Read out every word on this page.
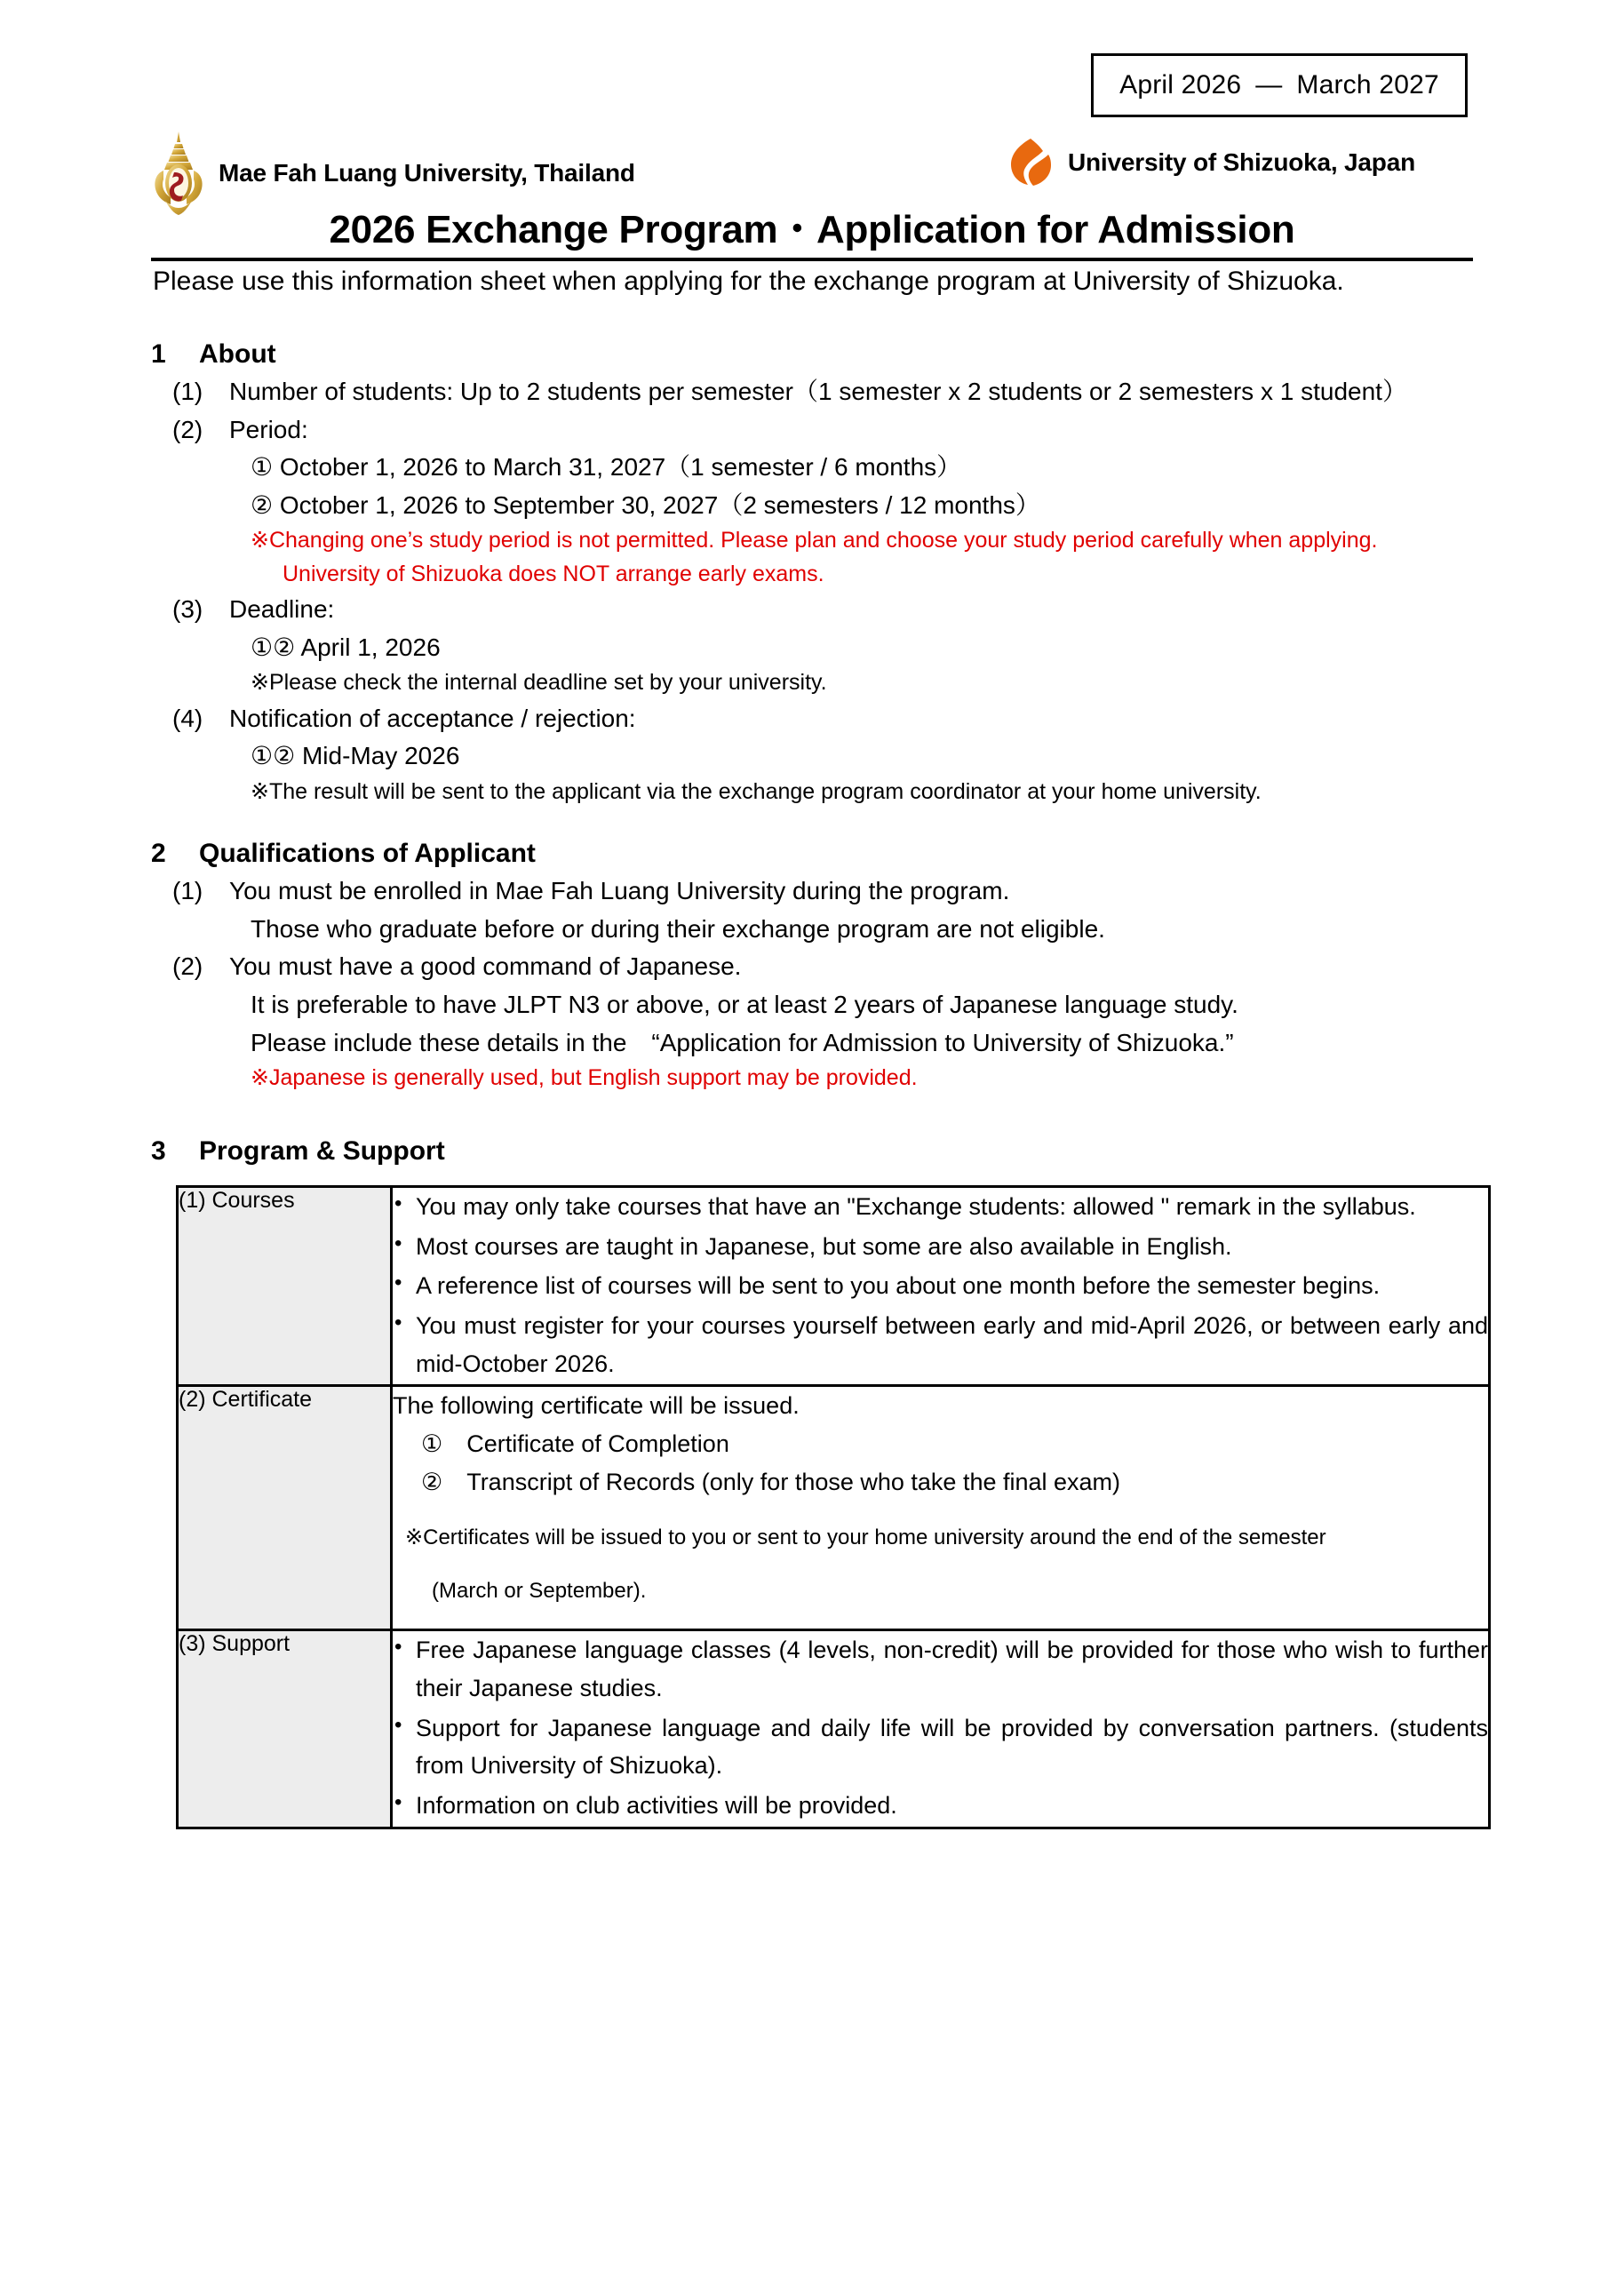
April 2026 — March 2027
Mae Fah Luang University, Thailand	University of Shizuoka, Japan
2026 Exchange Program・Application for Admission
Please use this information sheet when applying for the exchange program at University of Shizuoka.
1	About
(1)	Number of students: Up to 2 students per semester（1 semester x 2 students or 2 semesters x 1 student）
(2)	Period:
① October 1, 2026 to March 31, 2027（1 semester / 6 months）
② October 1, 2026 to September 30, 2027（2 semesters / 12 months）
※Changing one’s study period is not permitted. Please plan and choose your study period carefully when applying.
University of Shizuoka does NOT arrange early exams.
(3)	Deadline:
①② April 1, 2026
※Please check the internal deadline set by your university.
(4)	Notification of acceptance / rejection:
①② Mid-May 2026
※The result will be sent to the applicant via the exchange program coordinator at your home university.
2	Qualifications of Applicant
(1)	You must be enrolled in Mae Fah Luang University during the program.
Those who graduate before or during their exchange program are not eligible.
(2)	You must have a good command of Japanese.
It is preferable to have JLPT N3 or above, or at least 2 years of Japanese language study.
Please include these details in the　“Application for Admission to University of Shizuoka.”
※Japanese is generally used, but English support may be provided.
3	Program & Support
(1) Courses	
•You may only take courses that have an "Exchange students: allowed " remark in the syllabus.
• Most courses are taught in Japanese, but some are also available in English.
• A reference list of courses will be sent to you about one month before the semester begins.
• You must register for your courses yourself between early and mid-April 2026, or between early and mid-October 2026.

(2) Certificate	The following certificate will be issued.

①　Certificate of Completion

②　Transcript of Records (only for those who take the final exam)

※Certificates will be issued to you or sent to your home university around the end of the semester

(March or September).

(3) Support	
•Free Japanese language classes (4 levels, non-credit) will be provided for those who wish to further their Japanese studies.
• Support for Japanese language and daily life will be provided by conversation partners. (students from University of Shizuoka).
• Information on club activities will be provided.
